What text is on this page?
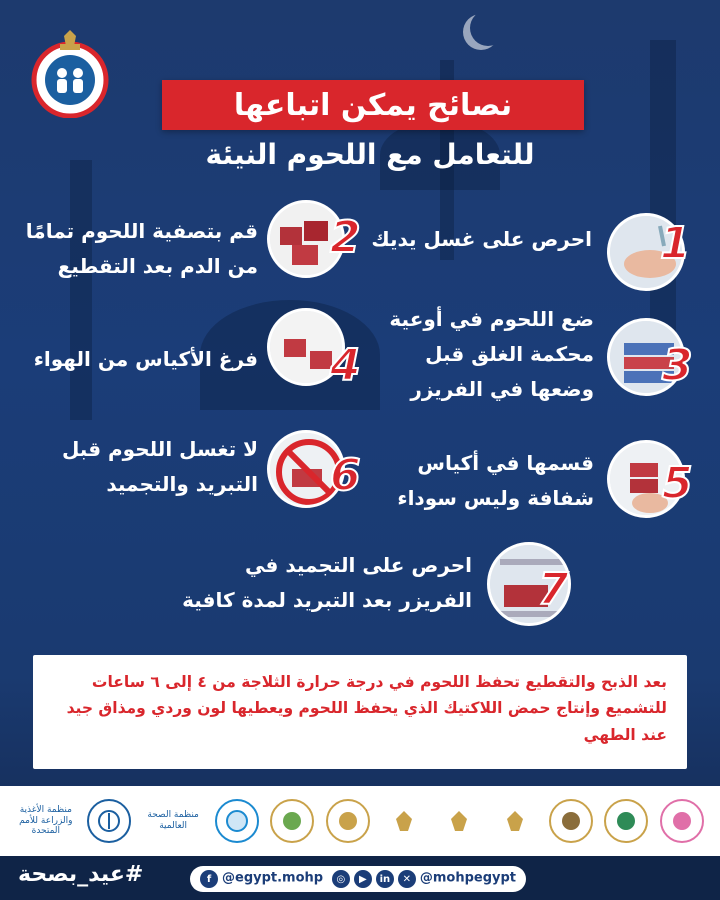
نصائح يمكن اتباعها
للتعامل مع اللحوم النيئة
1
احرص على غسل يديك
2
قم بتصفية اللحوم تمامًا من الدم بعد التقطيع
3
ضع اللحوم في أوعية محكمة الغلق قبل وضعها في الفريزر
4
فرغ الأكياس من الهواء
5
قسمها في أكياس شفافة وليس سوداء
6
لا تغسل اللحوم قبل التبريد والتجميد
7
احرص على التجميد في الفريزر بعد التبريد لمدة كافية
بعد الذبح والتقطيع تحفظ اللحوم في درجة حرارة الثلاجة من ٤ إلى ٦ ساعات للتشميع وإنتاج حمض اللاكتيك الذي يحفظ اللحوم ويعطيها لون وردي ومذاق جيد عند الطهي
منظمة الأغذية والزراعة للأمم المتحدة
منظمة الصحة العالمية
#عيد_بصحة	f @egypt.mohp	◎ ▶ in ✕ @mohpegypt
